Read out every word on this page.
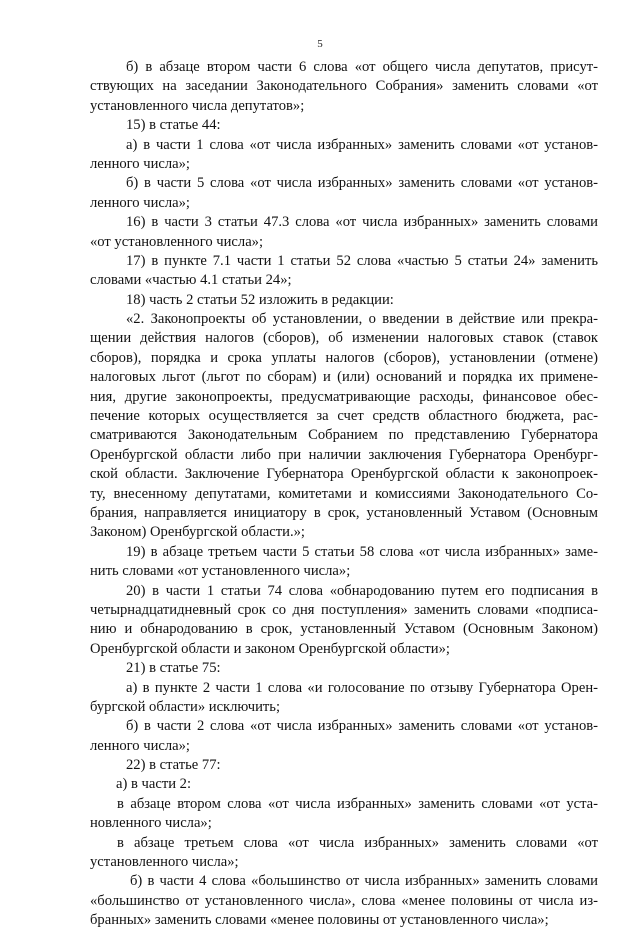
5
б) в абзаце втором части 6 слова «от общего числа депутатов, присут-
ствующих на заседании Законодательного Собрания» заменить словами «от
установленного числа депутатов»;
15) в статье 44:
а) в части 1 слова «от числа избранных» заменить словами «от установ-
ленного числа»;
б) в части 5 слова «от числа избранных» заменить словами «от установ-
ленного числа»;
16) в части 3 статьи 47.3 слова «от числа избранных» заменить словами
«от установленного числа»;
17) в пункте 7.1 части 1 статьи 52 слова «частью 5 статьи 24» заменить
словами «частью 4.1 статьи 24»;
18) часть 2 статьи 52 изложить в редакции:
«2. Законопроекты об установлении, о введении в действие или прекра-
щении действия налогов (сборов), об изменении налоговых ставок (ставок
сборов), порядка и срока уплаты налогов (сборов), установлении (отмене)
налоговых льгот (льгот по сборам) и (или) оснований и порядка их примене-
ния, другие законопроекты, предусматривающие расходы, финансовое обес-
печение которых осуществляется за счет средств областного бюджета, рас-
сматриваются Законодательным Собранием по представлению Губернатора
Оренбургской области либо при наличии заключения Губернатора Оренбург-
ской области. Заключение Губернатора Оренбургской области к законопроек-
ту, внесенному депутатами, комитетами и комиссиями Законодательного Со-
брания, направляется инициатору в срок, установленный Уставом (Основным
Законом) Оренбургской области.»;
19) в абзаце третьем части 5 статьи 58 слова «от числа избранных» заме-
нить словами «от установленного числа»;
20) в части 1 статьи 74 слова «обнародованию путем его подписания в
четырнадцатидневный срок со дня поступления» заменить словами «подписа-
нию и обнародованию в срок, установленный Уставом (Основным Законом)
Оренбургской области и законом Оренбургской области»;
21) в статье 75:
а) в пункте 2 части 1 слова «и голосование по отзыву Губернатора Орен-
бургской области» исключить;
б) в части 2 слова «от числа избранных» заменить словами «от установ-
ленного числа»;
22) в статье 77:
а) в части 2:
в абзаце втором слова «от числа избранных» заменить словами «от уста-
новленного числа»;
в абзаце третьем слова «от числа избранных» заменить словами «от
установленного числа»;
б) в части 4 слова «большинство от числа избранных» заменить словами
«большинство от установленного числа», слова «менее половины от числа из-
бранных» заменить словами «менее половины от установленного числа»;
